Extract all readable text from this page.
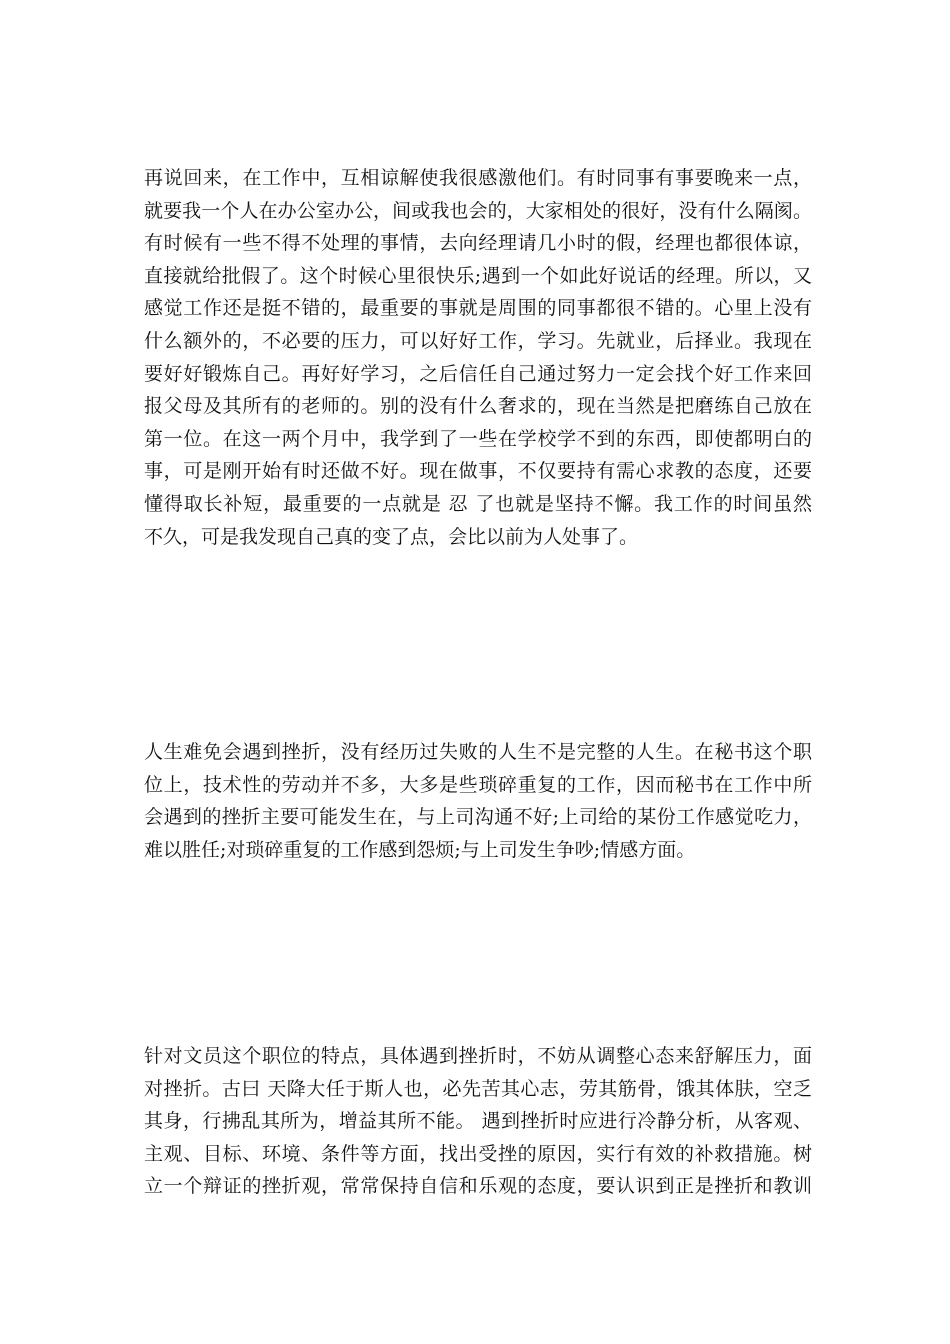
再说回来，在工作中，互相谅解使我很感激他们。有时同事有事要晚来一点，
就要我一个人在办公室办公，间或我也会的，大家相处的很好，没有什么隔阂。
有时候有一些不得不处理的事情，去向经理请几小时的假，经理也都很体谅，
直接就给批假了。这个时候心里很快乐;遇到一个如此好说话的经理。所以，又
感觉工作还是挺不错的，最重要的事就是周围的同事都很不错的。心里上没有
什么额外的，不必要的压力，可以好好工作，学习。先就业，后择业。我现在
要好好锻炼自己。再好好学习，之后信任自己通过努力一定会找个好工作来回
报父母及其所有的老师的。别的没有什么奢求的，现在当然是把磨练自己放在
第一位。在这一两个月中，我学到了一些在学校学不到的东西，即使都明白的
事，可是刚开始有时还做不好。现在做事，不仅要持有需心求教的态度，还要
懂得取长补短，最重要的一点就是 忍 了也就是坚持不懈。我工作的时间虽然
不久，可是我发现自己真的变了点，会比以前为人处事了。
人生难免会遇到挫折，没有经历过失败的人生不是完整的人生。在秘书这个职
位上，技术性的劳动并不多，大多是些琐碎重复的工作，因而秘书在工作中所
会遇到的挫折主要可能发生在，与上司沟通不好;上司给的某份工作感觉吃力，
难以胜任;对琐碎重复的工作感到怨烦;与上司发生争吵;情感方面。
针对文员这个职位的特点，具体遇到挫折时，不妨从调整心态来舒解压力，面
对挫折。古曰 天降大任于斯人也，必先苦其心志，劳其筋骨，饿其体肤，空乏
其身，行拂乱其所为，增益其所不能。 遇到挫折时应进行冷静分析，从客观、
主观、目标、环境、条件等方面，找出受挫的原因，实行有效的补救措施。树
立一个辩证的挫折观，常常保持自信和乐观的态度，要认识到正是挫折和教训
